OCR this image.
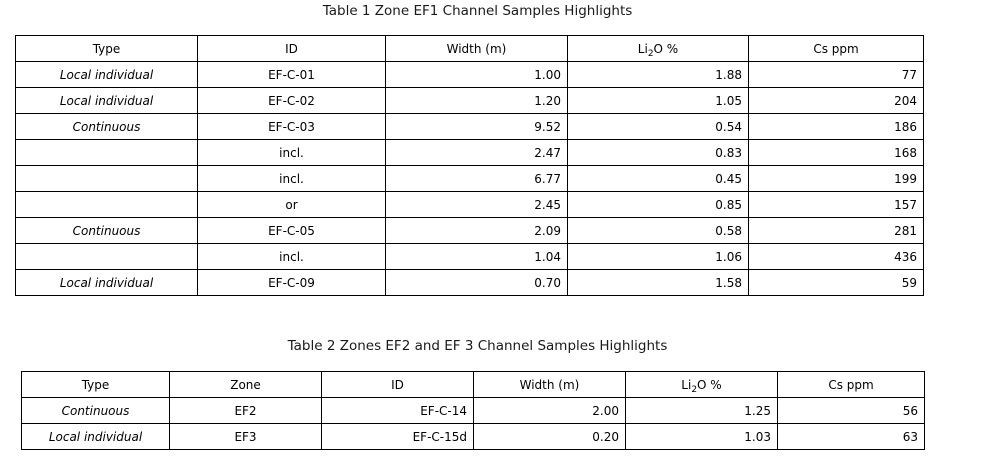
Table 1 Zone EF1 Channel Samples Highlights
Type	ID	Width (m)	$Li_2O$ %	Cs ppm
Local individual	EF-C-01	1.00	1.88	77
Local individual	EF-C-02	1.20	1.05	204
Continuous	EF-C-03	9.52	0.54	186
	incl.	2.47	0.83	168
	incl.	6.77	0.45	199
	or	2.45	0.85	157
Continuous	EF-C-05	2.09	0.58	281
	incl.	1.04	1.06	436
Local individual	EF-C-09	0.70	1.58	59
Table 2 Zones EF2 and EF 3 Channel Samples Highlights
Type	Zone	ID	Width (m)	$Li_2O$ %	Cs ppm
Continuous	EF2	EF-C-14	2.00	1.25	56
Local individual	EF3	EF-C-15d	0.20	1.03	63
